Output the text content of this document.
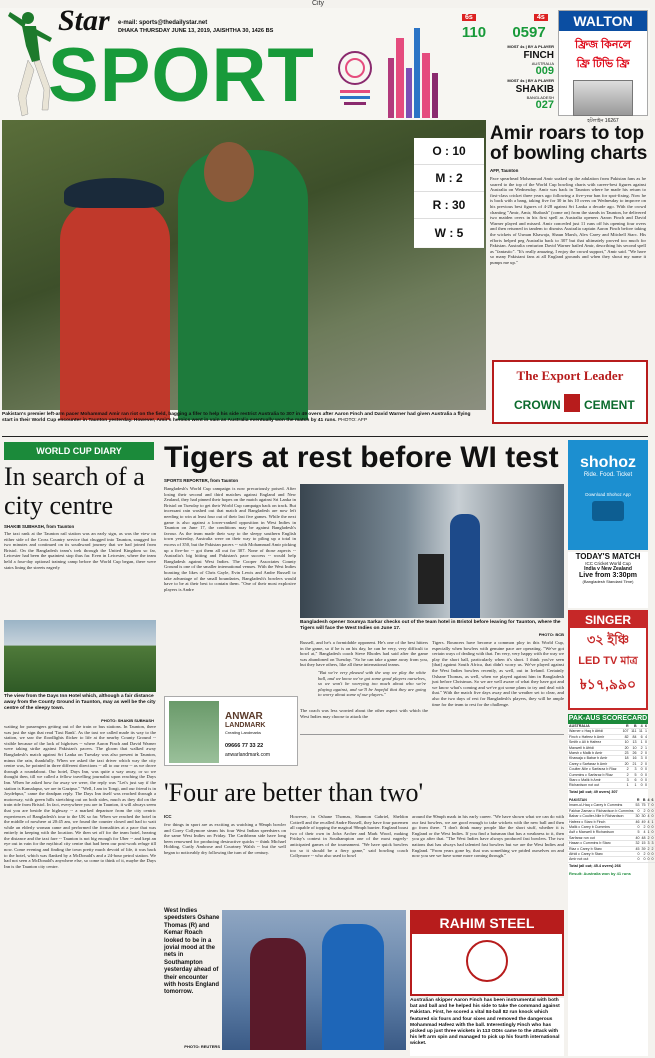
City
Star
SPORT
e-mail: sports@thedailystar.net
DHAKA THURSDAY JUNE 13, 2019, JAISHTHA 30, 1426 BS
6s
110
4s
0597
MOST 4s | BY A PLAYER
FINCH
AUSTRALIA
009
MOST 4s | BY A PLAYER
SHAKIB
BANGLADESH
027
WALTON
ফ্রিজ কিনলে
ফ্রি টিভি ফ্রি
হটলাইন 16267
O : 10
M : 2
R : 30
W : 5
Pakistan's premier left-arm pacer Mohammad Amir ran riot on the field, bagging a fifer to help his side restrict Australia to 307 in 49 overs after Aaron Finch and David Warner had given Australia a flying start in their World Cup encounter in Taunton yesterday. However, Amir's heroics went in vain as Australia eventually won the match by 41 runs. PHOTO: AFP
Amir roars to top of bowling charts
AFP, Taunton
Pace spearhead Mohammad Amir soaked up the adulation from Pakistan fans as he soared to the top of the World Cup bowling charts with career-best figures against Australia on Wednesday. Amir was back in Taunton where he made his return to first-class cricket three years ago following a five-year ban for spot-fixing. Now he is back with a bang, taking five for 30 in his 10 overs on Wednesday to improve on his previous best figures of 4-28 against Sri Lanka a decade ago. With the crowd chanting "Amir, Amir, Shabash" (come on) from the stands in Taunton, he delivered two maiden overs in his first spell as Australia openers Aaron Finch and David Warner played and missed. Amir conceded just 11 runs off his opening four overs and then returned in tandem to dismiss Australia captain Aaron Finch before taking the wickets of Usman Khawaja, Shaun Marsh, Alex Carey and Mitchell Starc. His efforts helped peg Australia back to 307 but that ultimately proved too much for Pakistan. Australia centurion David Warner hailed Amir, describing his second spell as "fantastic". "It's really amazing, I enjoy the crowd support," Amir said. "We have so many Pakistani fans at all England grounds and when they shout my name it pumps me up."
The Export Leader
CROWN CEMENT
WORLD CUP DIARY
In search of a city centre
SHAKIB SUBHASH, from Taunton
The taxi rank at the Taunton rail station was an early sign, as was the view on either side of the Cross Country service that chugged into Taunton, snugged for two minutes and continued on its southward journey that we had joined from Bristol. On the Bangladesh team's trek through the United Kingdom so far, Leicester had been the quaintest stop thus far. Even in Leicester, where the team held a four-day optional training camp before the World Cup began, there were stairs lining the streets eagerly
The view from the Days Inn Hotel which, although a fair distance away from the County Ground in Taunton, may as well be the city centre of the sleepy town.
PHOTO: SHAKIB SUBHASH
waiting for passengers getting out of the train or bus stations. In Taunton, there was just the sign that read 'Taxi Rank'. As the taxi we called made its way to the station, we saw the floodlights flicker to life at the nearby County Ground -- visible because of the lack of highrises -- where Aaron Finch and David Warner were taking strike against Pakistan's pacers. The gloom that walked away Bangladesh's match against Sri Lanka on Tuesday was also present in Taunton, minus the rain, thankfully. When we asked the taxi driver which way the city centre was, he pointed in three different directions -- all to our rear -- as we drove through a roundabout. Our hotel, Days Inn, was quite a way away, or so we thought then, till we called a fellow travelling journalist upon reaching the Days Inn. When he asked how far away we were, the reply was "Let's just say if the station is Kamalapur, we are in Gazipur." "Well, I am in Tongi, and our friend is in Joydebpur," came the deadpan reply. The Days Inn itself was reached through a motorway, with green hills stretching out on both sides, much as they did on the train ride from Bristol. In fact, everywhere you are in Taunton, it will always seem that you are beside the highway -- a marked departure from the city centric experiences of Bangladesh's tour to the UK so far. When we reached the hotel in the middle of nowhere at 20:45 am, we found the counter closed and had to wait while an elderly woman came and performed the formalities at a pace that was entirely in keeping with the location. We then set off for the team hotel, hearing the distance and the taxi fare -- Taunton is not big enough for Uber -- and kept an eye out in vain for the mythical city centre that had been our post-work refuge till now. Come evening and finding the town pretty much devoid of life, it was back to the hotel, which was flanked by a McDonald's and a 24-hour petrol station. We had not seen a McDonald's anywhere else, so come to think of it, maybe the Days Inn is the Taunton city centre.
Tigers at rest before WI test
SPORTS REPORTER, from Taunton
Bangladesh's World Cup campaign is now precariously poised. After losing their second and third matches against England and New Zealand, they had pinned their hopes on the match against Sri Lanka in Bristol on Tuesday to get their World Cup campaign back on track. But incessant rain washed out that match and Bangladesh are now left needing to win at least four out of their last five games. While the next game is also against a lower-ranked opposition in West Indies in Taunton on June 17, the conditions may be against Bangladesh's favour. As the team made their way to the sleepy southern English town yesterday, Australia were on their way to piling up a total in excess of 350, but the Pakistan pacers -- with Mohammad Amir picking up a five-for -- got them all out for 307. None of those aspects -- Australia's big hitting and Pakistan's pace success -- would help Bangladesh against West Indies. The Cooper Associates County Ground is one of the smaller international venues. With the West Indies boasting the likes of Chris Gayle, Evin Lewis and Andre Russell to take advantage of the small boundaries, Bangladesh's bowlers would have to be at their best to contain them. "One of their most explosive players is Andre
Bangladesh opener Soumya Sarkar checks out of the team hotel in Bristol before leaving for Taunton, where the Tigers will face the West Indies on June 17.
PHOTO: BCB
Russell, and he's a formidable opponent. He's one of the best hitters in the game, so if he is on his day, he can be very, very difficult to bowl at," Bangladesh coach Steve Rhodes had said after the game was abandoned on Tuesday. "So he can take a game away from you, but they have others, like all these international teams.
"But we're very pleased with the way we play the white ball, and we know we've got some good players ourselves, so we won't be worrying too much about who we're playing against, and we'll be hopeful that they are going to worry about some of our players."
The coach was less worried about the other aspect with which the West Indies may choose to attack the
Tigers. Bouncers have become a common ploy in this World Cup, especially when bowlers with genuine pace are operating. "We've got certain ways of dealing with that. I'm very, very happy with the way we play the short ball, particularly when it's short. I think you've seen [that] against South Africa, that didn't worry us. We've played against the West Indies bowlers recently, as well, out in Ireland. Certainly Oshane Thomas, as well, when we played against him in Bangladesh just before Christmas. So we are well aware of what they have got and we know what's coming and we've got some plans to try and deal with that." With the match five days away and the weather set to clear, and also the two days of rest for Bangladesh's players, they will be ample time for the team to rest for the challenge.
ANWAR
LANDMARK
Creating Landmarks
09666 77 33 22
anwarlandmark.com
'Four are better than two'
ICC
few things in sport are as exciting as watching a 90mph bowler and Corey Collymore steam his four West Indian speedsters on the same West Indies on Friday. The Caribbean side have long been renowned for producing destructive quicks -- think Michael Holding, Curtly Ambrose and Courtney Walsh -- but the well began to noticeably dry following the turn of the century.
However, in Oshane Thomas, Shannon Gabriel, Sheldon Cottrell and the recalled Andre Russell, they have four pacemen all capable of topping the magical 90mph barrier. England boast two of their own in Jofra Archer and Mark Wood, making Friday's contest in Southampton one of the most eagerly-anticipated games of the tournament. "We have quick bowlers too so it should be a fiery game," said bowling coach Collymore -- who also used to bowl
around the 90mph mark in his early career. "We have shown what we can do with our fast bowlers, we are good enough to take wickets with the new ball and then go from there. "I don't think many people like the short stuff, whether it is England or the West Indies. If you find a batsman that has a weakness to it, then you go after that. "The West Indies have always produced fast bowlers. The two nations that has always had talented fast bowlers but we are the West Indies and England. "From years gone by, that was something we prided ourselves on and now you see we have some more coming through."
West Indies speedsters Oshane Thomas (R) and Kemar Roach looked to be in a jovial mood at the nets in Southampton yesterday ahead of their encounter with hosts England tomorrow.
PHOTO: REUTERS
RAHIM STEEL
Australian skipper Aaron Finch has been instrumental with both bat and ball and he helped his side to take the command against Pakistan. First, he scored a vital 84-ball 82 run knock which featured six fours and four sixes and removed the dangerous Mohammad Hafeez with the ball. Interestingly Finch who has picked up just three wickets in 113 ODIs came to the attack with his left arm spin and managed to pick up his fourth international wicket.
shohoz
Ride. Food. Ticket
Download Shohoz App
TODAY'S MATCH
ICC Cricket World Cup
India v New Zealand
Live from 3:30pm
(Bangladesh Standard Time)
SINGER
৩২ ইঞ্চি
LED TV মাত্র
৳১৭,৯৯০
PAK-AUS SCORECARD
AUSTRALIA	R	B	4	6
Warner c Haq b Afridi	107	111	11	1
Finch c Hafeez b Amir	82	84	6	4
Smith c Ali b Hafeez	10	13	1	0
Maxwell b Afridi	20	10	2	1
Marsh c Malik b Amir	23	26	2	0
Khawaja c Babar b Amir	18	16	3	0
Carey c Sarfaraz b Amir	20	21	2	0
Coulter-Nile c Sarfaraz b Riaz	2	3	0	0
Cummins c Sarfaraz b Riaz	2	5	0	0
Starc c Malik b Amir	3	6	0	0
Richardson not out	1	1	0	0
Total (all out; 49 overs) 307
PAKISTAN	R	B	4	6
Imam-ul-Haq c Carey b Cummins	53	75	7	0
Fakhar Zaman c Richardson b Cummins	0	2	0	0
Babar c Coulter-Nile b Richardson	30	30	4	0
Hafeez c Starc b Finch	46	49	4	1
Malik c Carey b Cummins	0	2	0	0
Asif c Maxwell b Richardson	5	4	1	0
Sarfaraz run out	40	48	2	0
Hasan c Cummins b Starc	32	15	3	3
Riaz c Carey b Starc	45	39	2	2
Afridi c Carey b Starc	0	2	0	0
Amir not out	0	0	0	0
Total (all out; 45.4 overs) 266
Result: Australia won by 41 runs
